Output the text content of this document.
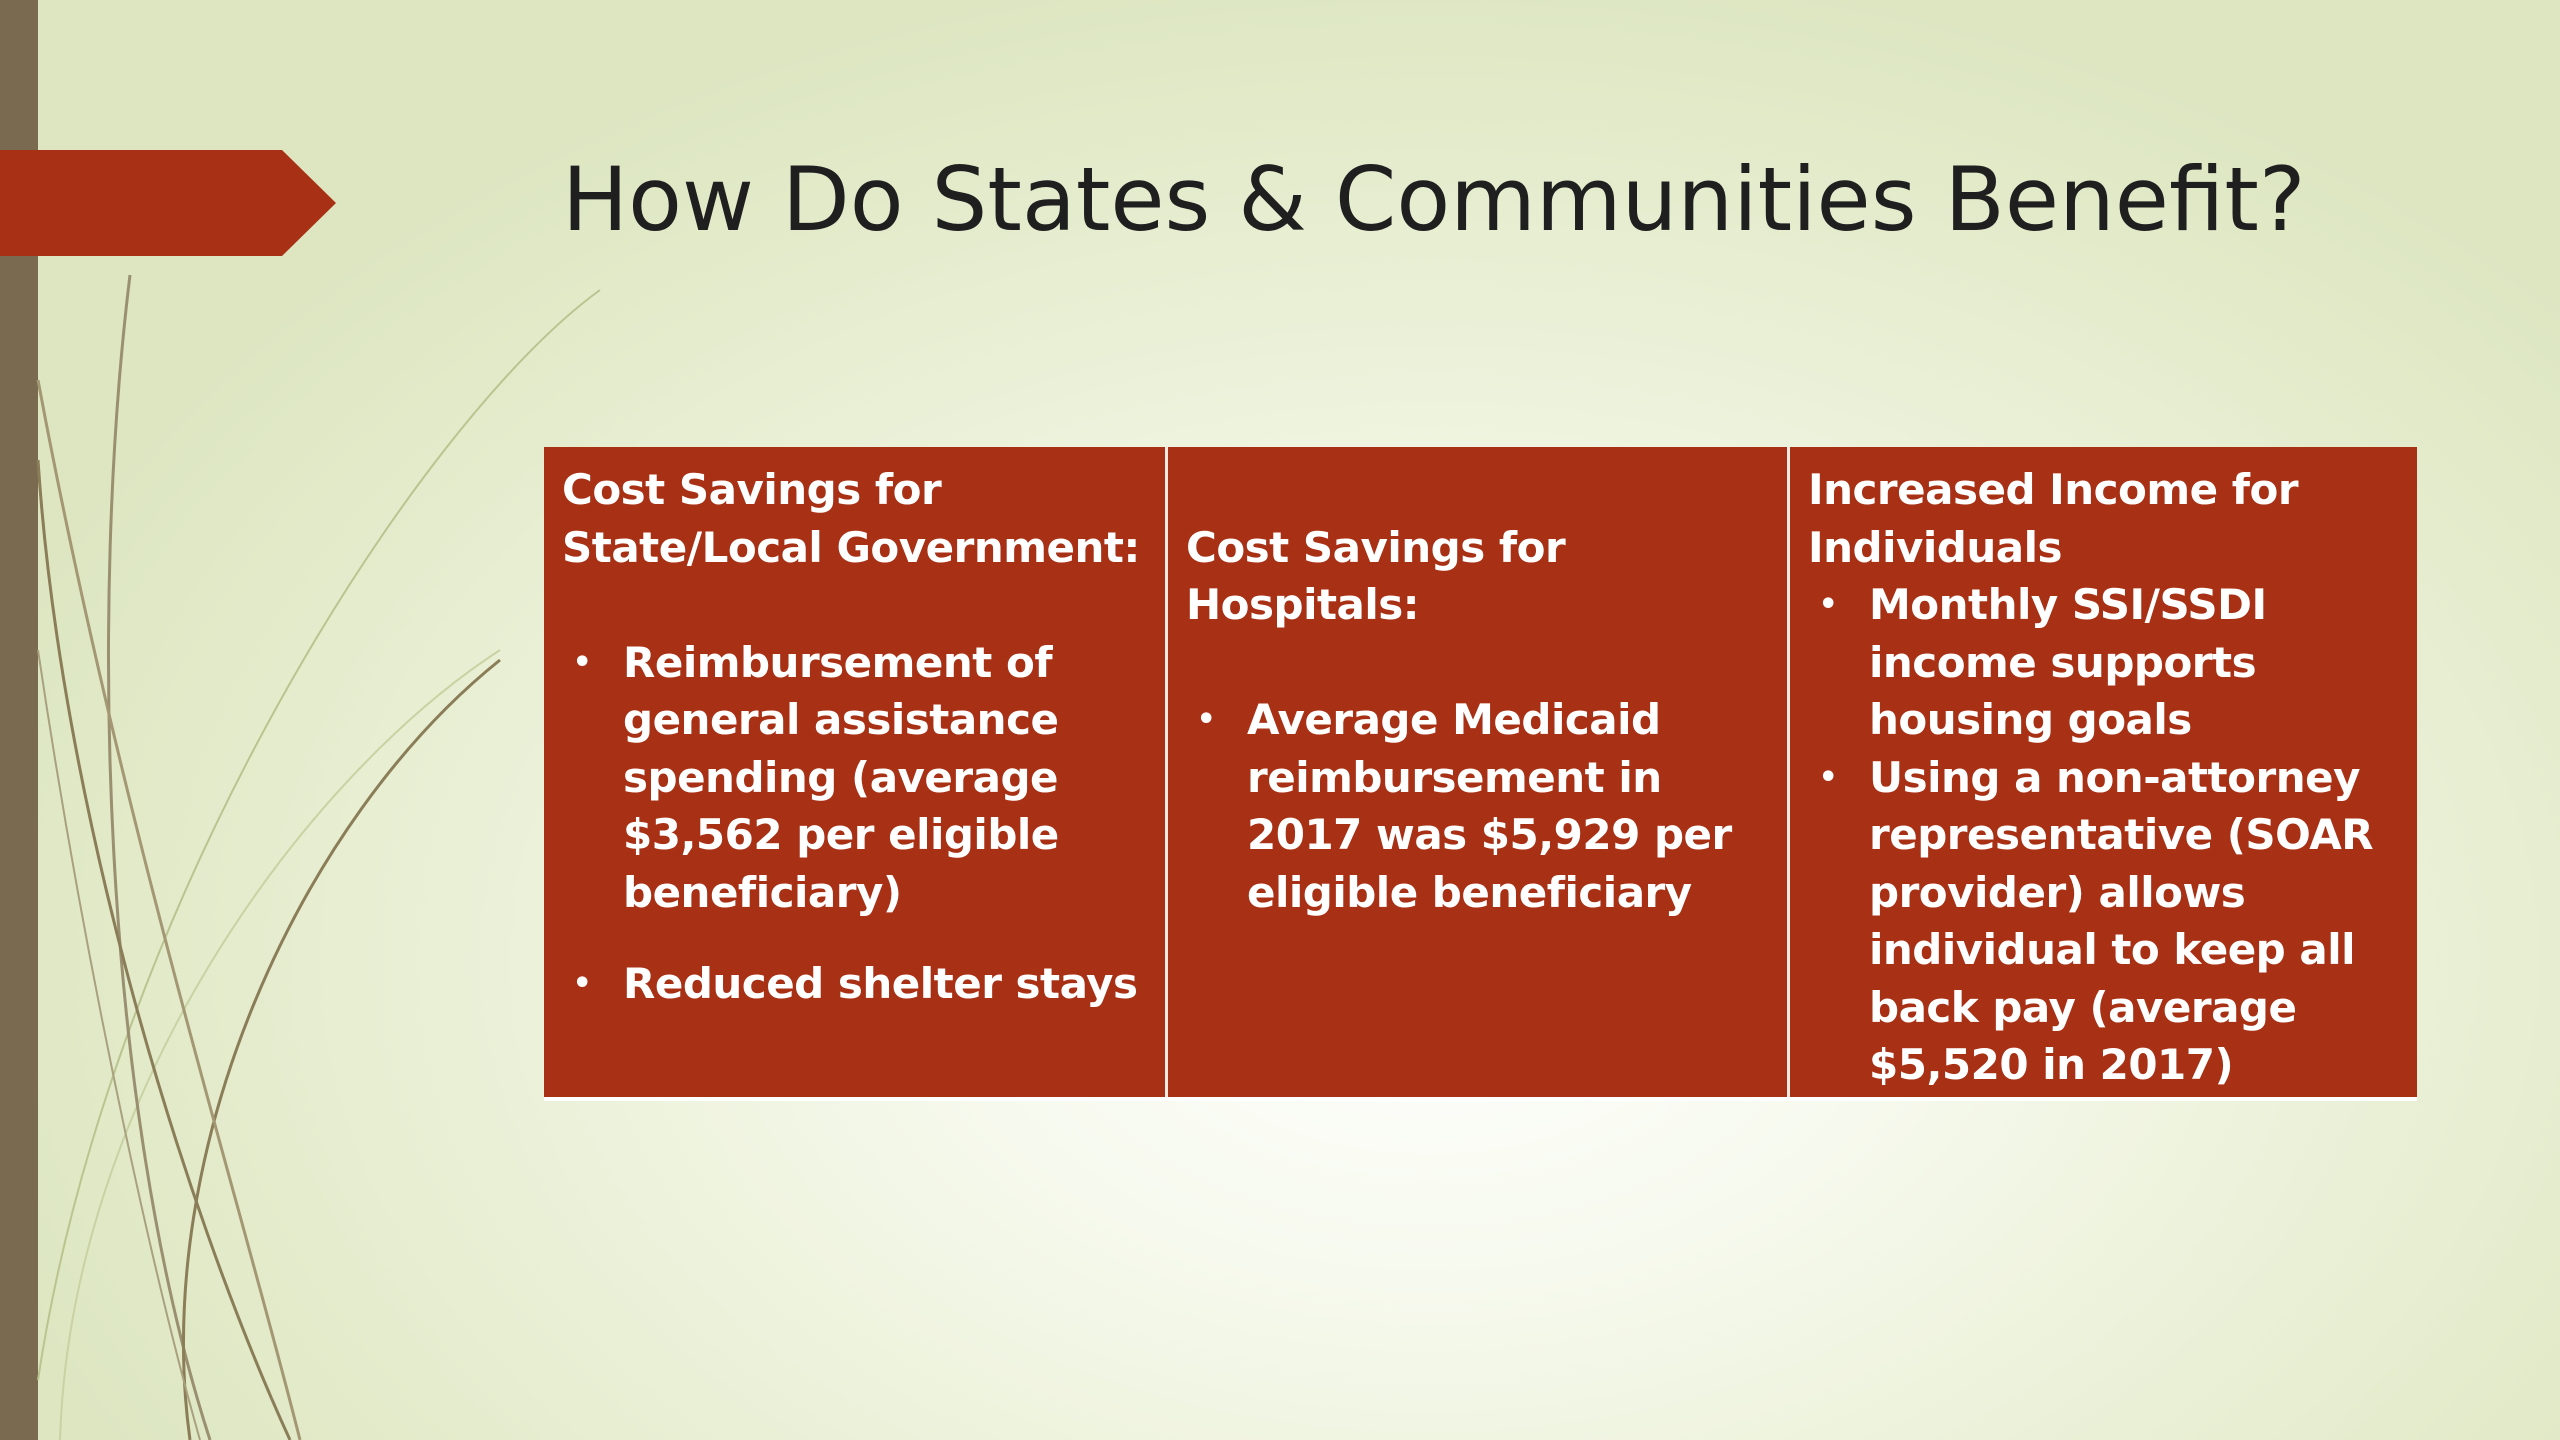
How Do States & Communities Benefit?
Cost Savings for State/Local Government:
• Reimbursement of general assistance spending (average $3,562 per eligible beneficiary)
• Reduced shelter stays
Cost Savings for Hospitals:
• Average Medicaid reimbursement in 2017 was $5,929 per eligible beneficiary
Increased Income for Individuals
• Monthly SSI/SSDI income supports housing goals
• Using a non-attorney representative (SOAR provider) allows individual to keep all back pay (average $5,520 in 2017)
